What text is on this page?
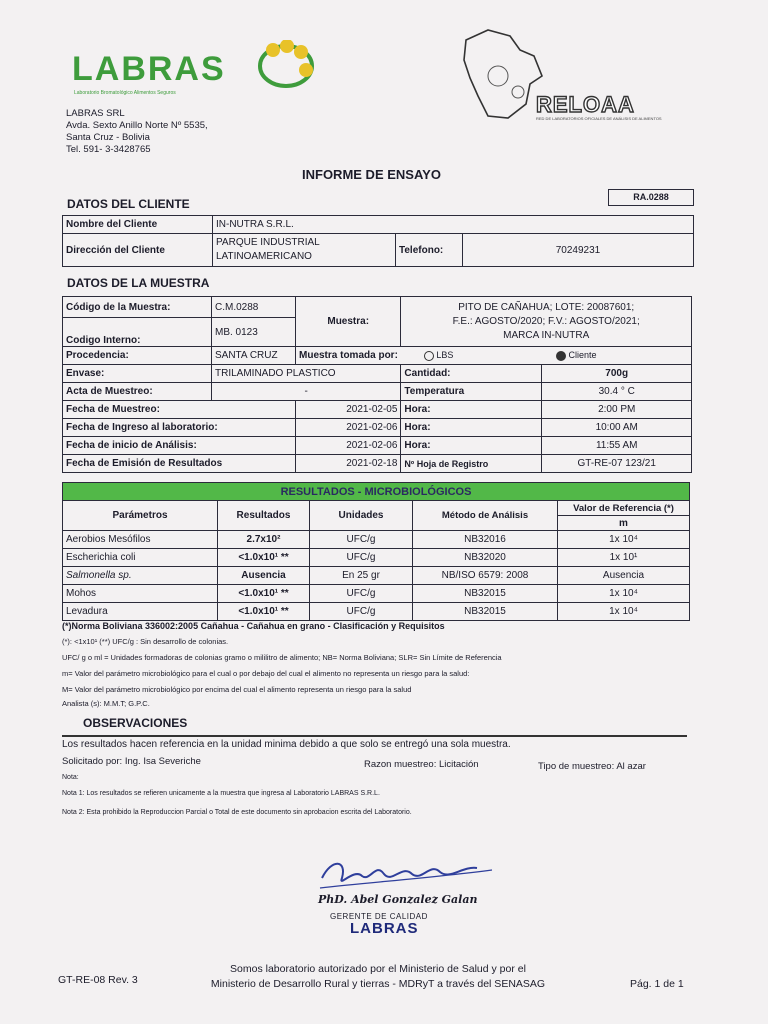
LABRAS
Laboratorio Bromatológico Alimentos Seguros
LABRAS SRL
Avda. Sexto Anillo Norte Nº 5535,
Santa Cruz - Bolivia
Tel. 591- 3-3428765
RELOAA
RED DE LABORATORIOS OFICIALES DE ANÁLISIS DE ALIMENTOS
INFORME DE ENSAYO
RA.0288
DATOS DEL CLIENTE
Nombre del Cliente	IN-NUTRA S.R.L.		
Dirección del Cliente	PARQUE INDUSTRIAL
LATINOAMERICANO	Telefono:	70249231
DATOS DE LA MUESTRA
Código de la Muestra:	C.M.0288	Muestra:	PITO DE CAÑAHUA; LOTE: 20087601;
F.E.: AGOSTO/2020; F.V.: AGOSTO/2021;
MARCA IN-NUTRA	

Codigo Interno:	MB. 0123			
Procedencia:	SANTA CRUZ	Muestra tomada por:	LBS Cliente	
Envase:	TRILAMINADO PLASTICO		Cantidad:	700g
Acta de Muestreo:	-		Temperatura	30.4 ° C
Fecha de Muestreo:		2021-02-05	Hora:	2:00 PM
Fecha de Ingreso al laboratorio:		2021-02-06	Hora:	10:00 AM
Fecha de inicio de Análisis:		2021-02-06	Hora:	11:55 AM
Fecha de Emisión de Resultados		2021-02-18	Nº Hoja de Registro	GT-RE-07 123/21
RESULTADOS - MICROBIOLÓGICOS				
Parámetros	Resultados	Unidades	Método de Análisis	Valor de Referencia (*)
				m
Aerobios Mesófilos	2.7x10²	UFC/g	NB32016	1x 10⁴
Escherichia coli	<1.0x10¹ **	UFC/g	NB32020	1x 10¹
Salmonella sp.	Ausencia	En 25 gr	NB/ISO 6579: 2008	Ausencia
Mohos	<1.0x10¹ **	UFC/g	NB32015	1x 10⁴
Levadura	<1.0x10¹ **	UFC/g	NB32015	1x 10⁴
(*)Norma Boliviana 336002:2005 Cañahua - Cañahua en grano - Clasificación y Requisitos
(*): <1x10¹ (**) UFC/g : Sin desarrollo de colonias.
UFC/ g o ml = Unidades formadoras de colonias gramo o mililitro de alimento; NB= Norma Boliviana; SLR= Sin Límite de Referencia
m= Valor del parámetro microbiológico para el cual o por debajo del cual el alimento no representa un riesgo para la salud:
M= Valor del parámetro microbiológico por encima del cual el alimento representa un riesgo para la salud
Analista (s): M.M.T; G.P.C.
OBSERVACIONES
Los resultados hacen referencia en la unidad minima debido a que solo se entregó una sola muestra.
Solicitado por: Ing. Isa Severiche	Razon muestreo: Licitación	Tipo de muestreo: Al azar
Nota:
Nota 1: Los resultados se refieren unicamente a la muestra que ingresa al Laboratorio LABRAS S.R.L.
Nota 2: Esta prohibido la Reproduccion Parcial o Total de este documento sin aprobacion escrita del Laboratorio.
PhD. Abel Gonzalez Galan
GERENTE DE CALIDAD
LABRAS
GT-RE-08 Rev. 3
Somos laboratorio autorizado por el Ministerio de Salud y por el
Ministerio de Desarrollo Rural y tierras - MDRyT a través del SENASAG	Pág. 1 de 1
